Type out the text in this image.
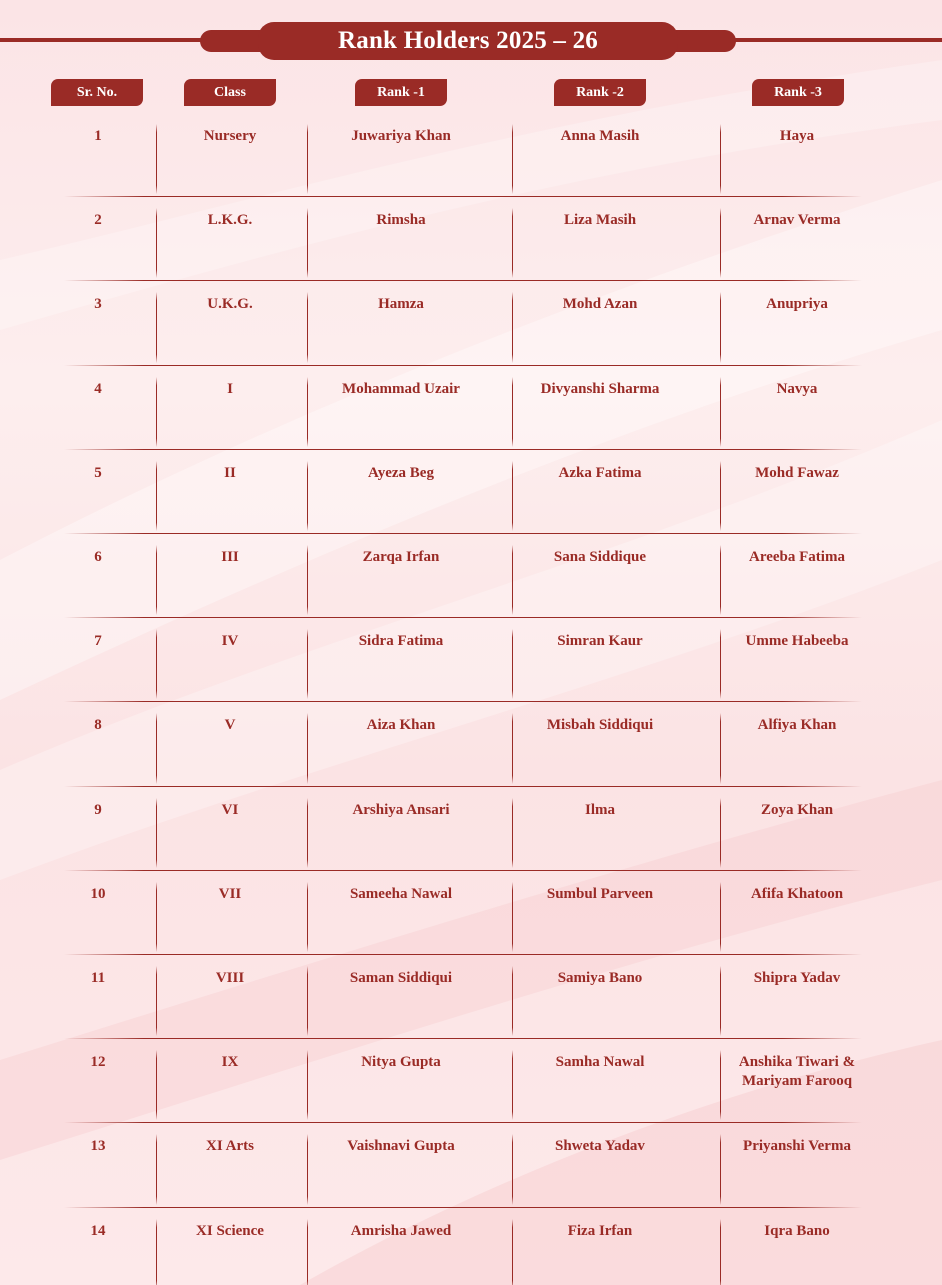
Rank Holders 2025 – 26
Sr. No.	Class	Rank -1	Rank -2	Rank -3
1	Nursery	Juwariya Khan	Anna Masih	Haya
2	L.K.G.	Rimsha	Liza Masih	Arnav Verma
3	U.K.G.	Hamza	Mohd Azan	Anupriya
4	I	Mohammad Uzair	Divyanshi Sharma	Navya
5	II	Ayeza Beg	Azka Fatima	Mohd Fawaz
6	III	Zarqa Irfan	Sana Siddique	Areeba Fatima
7	IV	Sidra Fatima	Simran Kaur	Umme Habeeba
8	V	Aiza Khan	Misbah Siddiqui	Alfiya Khan
9	VI	Arshiya Ansari	Ilma	Zoya Khan
10	VII	Sameeha Nawal	Sumbul Parveen	Afifa Khatoon
11	VIII	Saman Siddiqui	Samiya Bano	Shipra Yadav
12	IX	Nitya Gupta	Samha Nawal	Anshika Tiwari & Mariyam Farooq
13	XI Arts	Vaishnavi Gupta	Shweta Yadav	Priyanshi Verma
14	XI Science	Amrisha Jawed	Fiza Irfan	Iqra Bano
